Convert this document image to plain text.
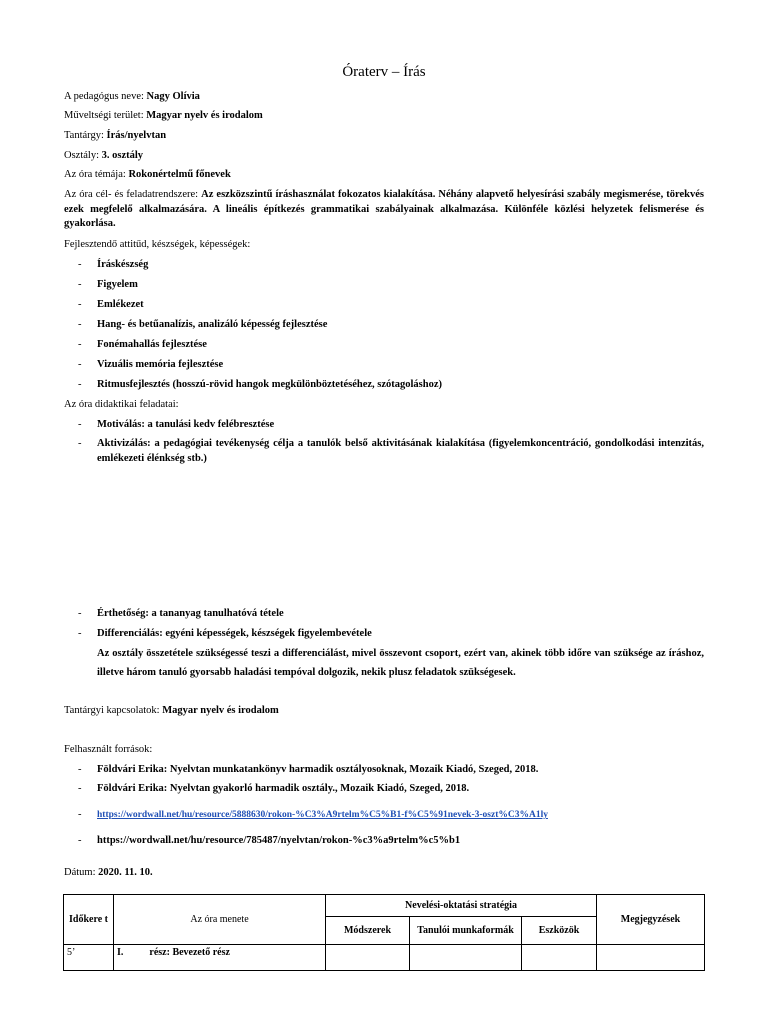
Óraterv – Írás
A pedagógus neve: Nagy Olívia
Műveltségi terület: Magyar nyelv és irodalom
Tantárgy: Írás/nyelvtan
Osztály: 3. osztály
Az óra témája: Rokonértelmű főnevek
Az óra cél- és feladatrendszere: Az eszközszintű íráshasználat fokozatos kialakítása. Néhány alapvető helyesírási szabály megismerése, törekvés ezek megfelelő alkalmazására. A lineális építkezés grammatikai szabályainak alkalmazása. Különféle közlési helyzetek felismerése és gyakorlása.
Fejlesztendő attitűd, készségek, képességek:
- Íráskészség
- Figyelem
- Emlékezet
- Hang- és betűanalízis, analizáló képesség fejlesztése
- Fonémahallás fejlesztése
- Vizuális memória fejlesztése
- Ritmusfejlesztés (hosszú-rövid hangok megkülönböztetéséhez, szótagoláshoz)
Az óra didaktikai feladatai:
- Motiválás: a tanulási kedv felébresztése
- Aktivizálás: a pedagógiai tevékenység célja a tanulók belső aktivitásának kialakítása (figyelemkoncentráció, gondolkodási intenzitás, emlékezeti élénkség stb.)
- Érthetőség: a tananyag tanulhatóvá tétele
- Differenciálás: egyéni képességek, készségek figyelembevétele
Az osztály összetétele szükségessé teszi a differenciálást, mivel összevont csoport, ezért van, akinek több időre van szüksége az íráshoz, illetve három tanuló gyorsabb haladási tempóval dolgozik, nekik plusz feladatok szükségesek.
Tantárgyi kapcsolatok: Magyar nyelv és irodalom
Felhasznált források:
- Földvári Erika: Nyelvtan munkatankönyv harmadik osztályosoknak, Mozaik Kiadó, Szeged, 2018.
- Földvári Erika: Nyelvtan gyakorló harmadik osztály., Mozaik Kiadó, Szeged, 2018.
- https://wordwall.net/hu/resource/5888630/rokon-%C3%A9rtelm%C5%B1-f%C5%91nevek-3-oszt%C3%A1ly
- https://wordwall.net/hu/resource/785487/nyelvtan/rokon-%c3%a9rtelm%c5%b1
Dátum: 2020. 11. 10.
Időkere t	Az óra menete	Nevelési-oktatási stratégia			Megjegyzések
		Módszerek	Tanulói munkaformák	Eszközök	
5’	I. rész: Bevezető rész				
